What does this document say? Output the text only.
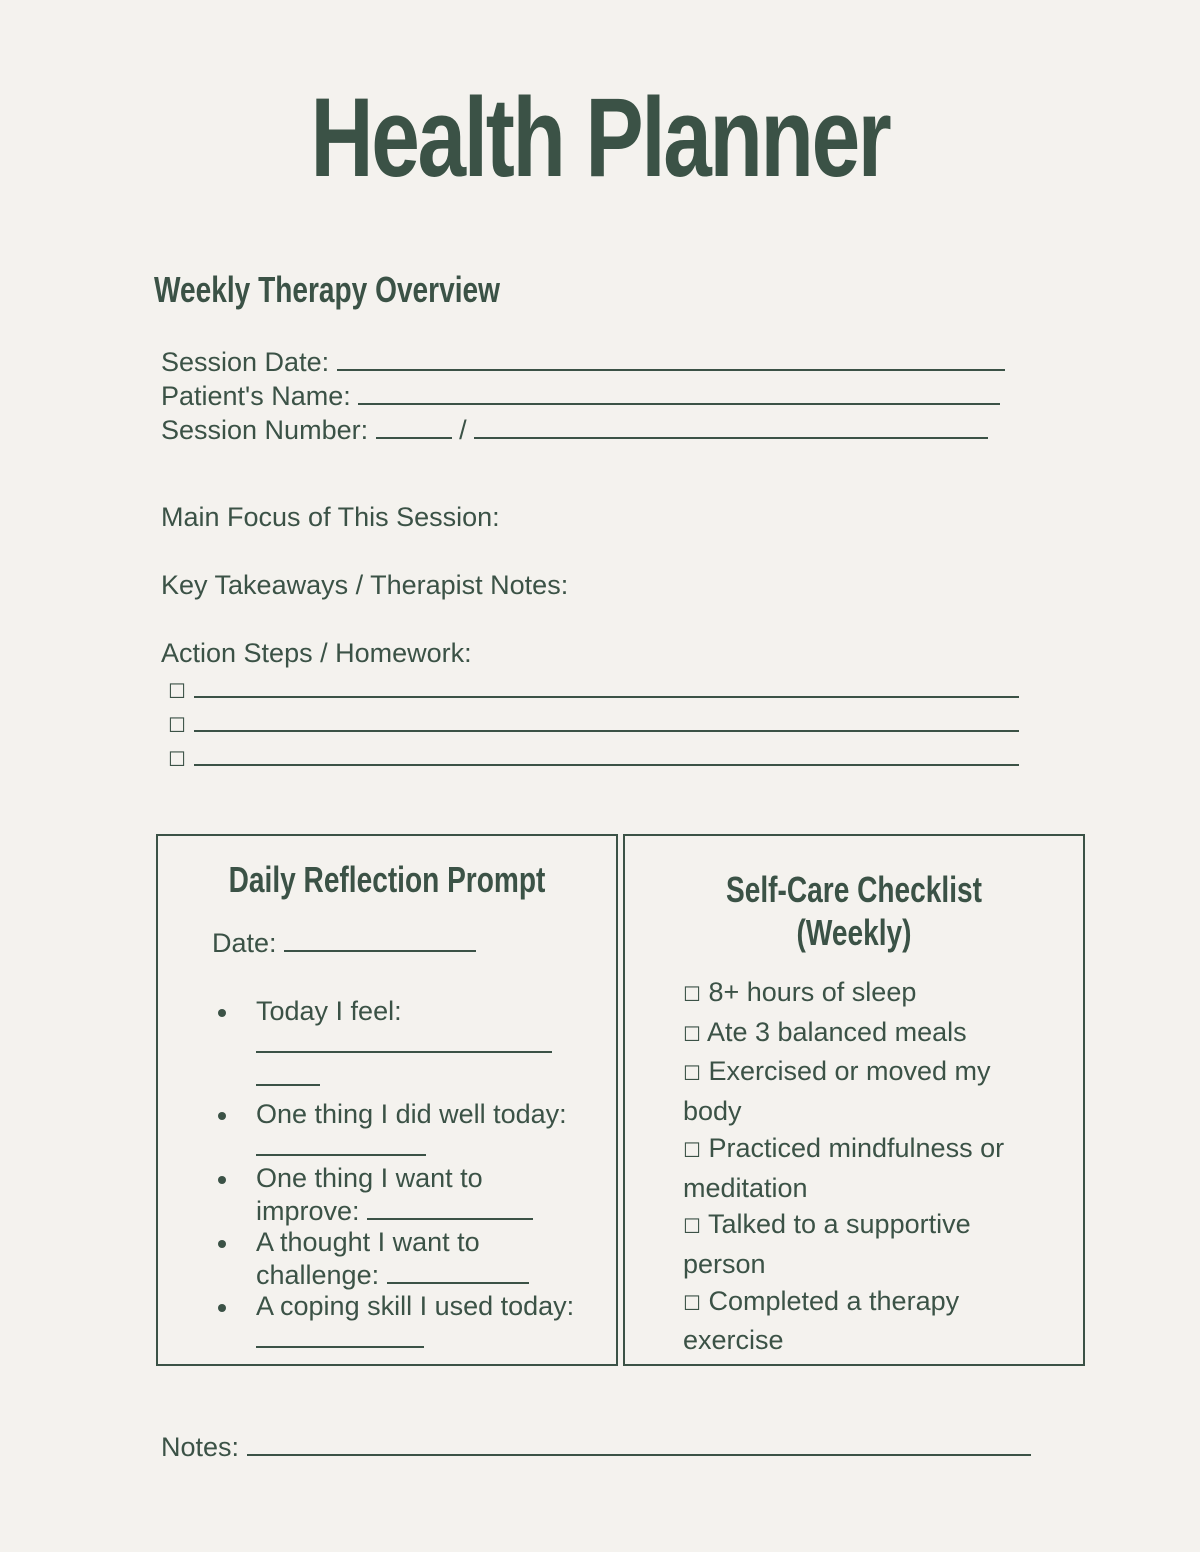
Health Planner
Weekly Therapy Overview
Session Date:
Patient's Name:
Session Number:	/
Main Focus of This Session:
Key Takeaways / Therapist Notes:
Action Steps / Homework:
☐
☐
☐
Daily Reflection Prompt
Date:
Today I feel:

One thing I did well today:
One thing I want to improve:
A thought I want to challenge:
A coping skill I used today:
Self-Care Checklist
(Weekly)
☐ 8+ hours of sleep
☐ Ate 3 balanced meals
☐ Exercised or moved my body
☐ Practiced mindfulness or meditation
☐ Talked to a supportive person
☐ Completed a therapy exercise
Notes:
